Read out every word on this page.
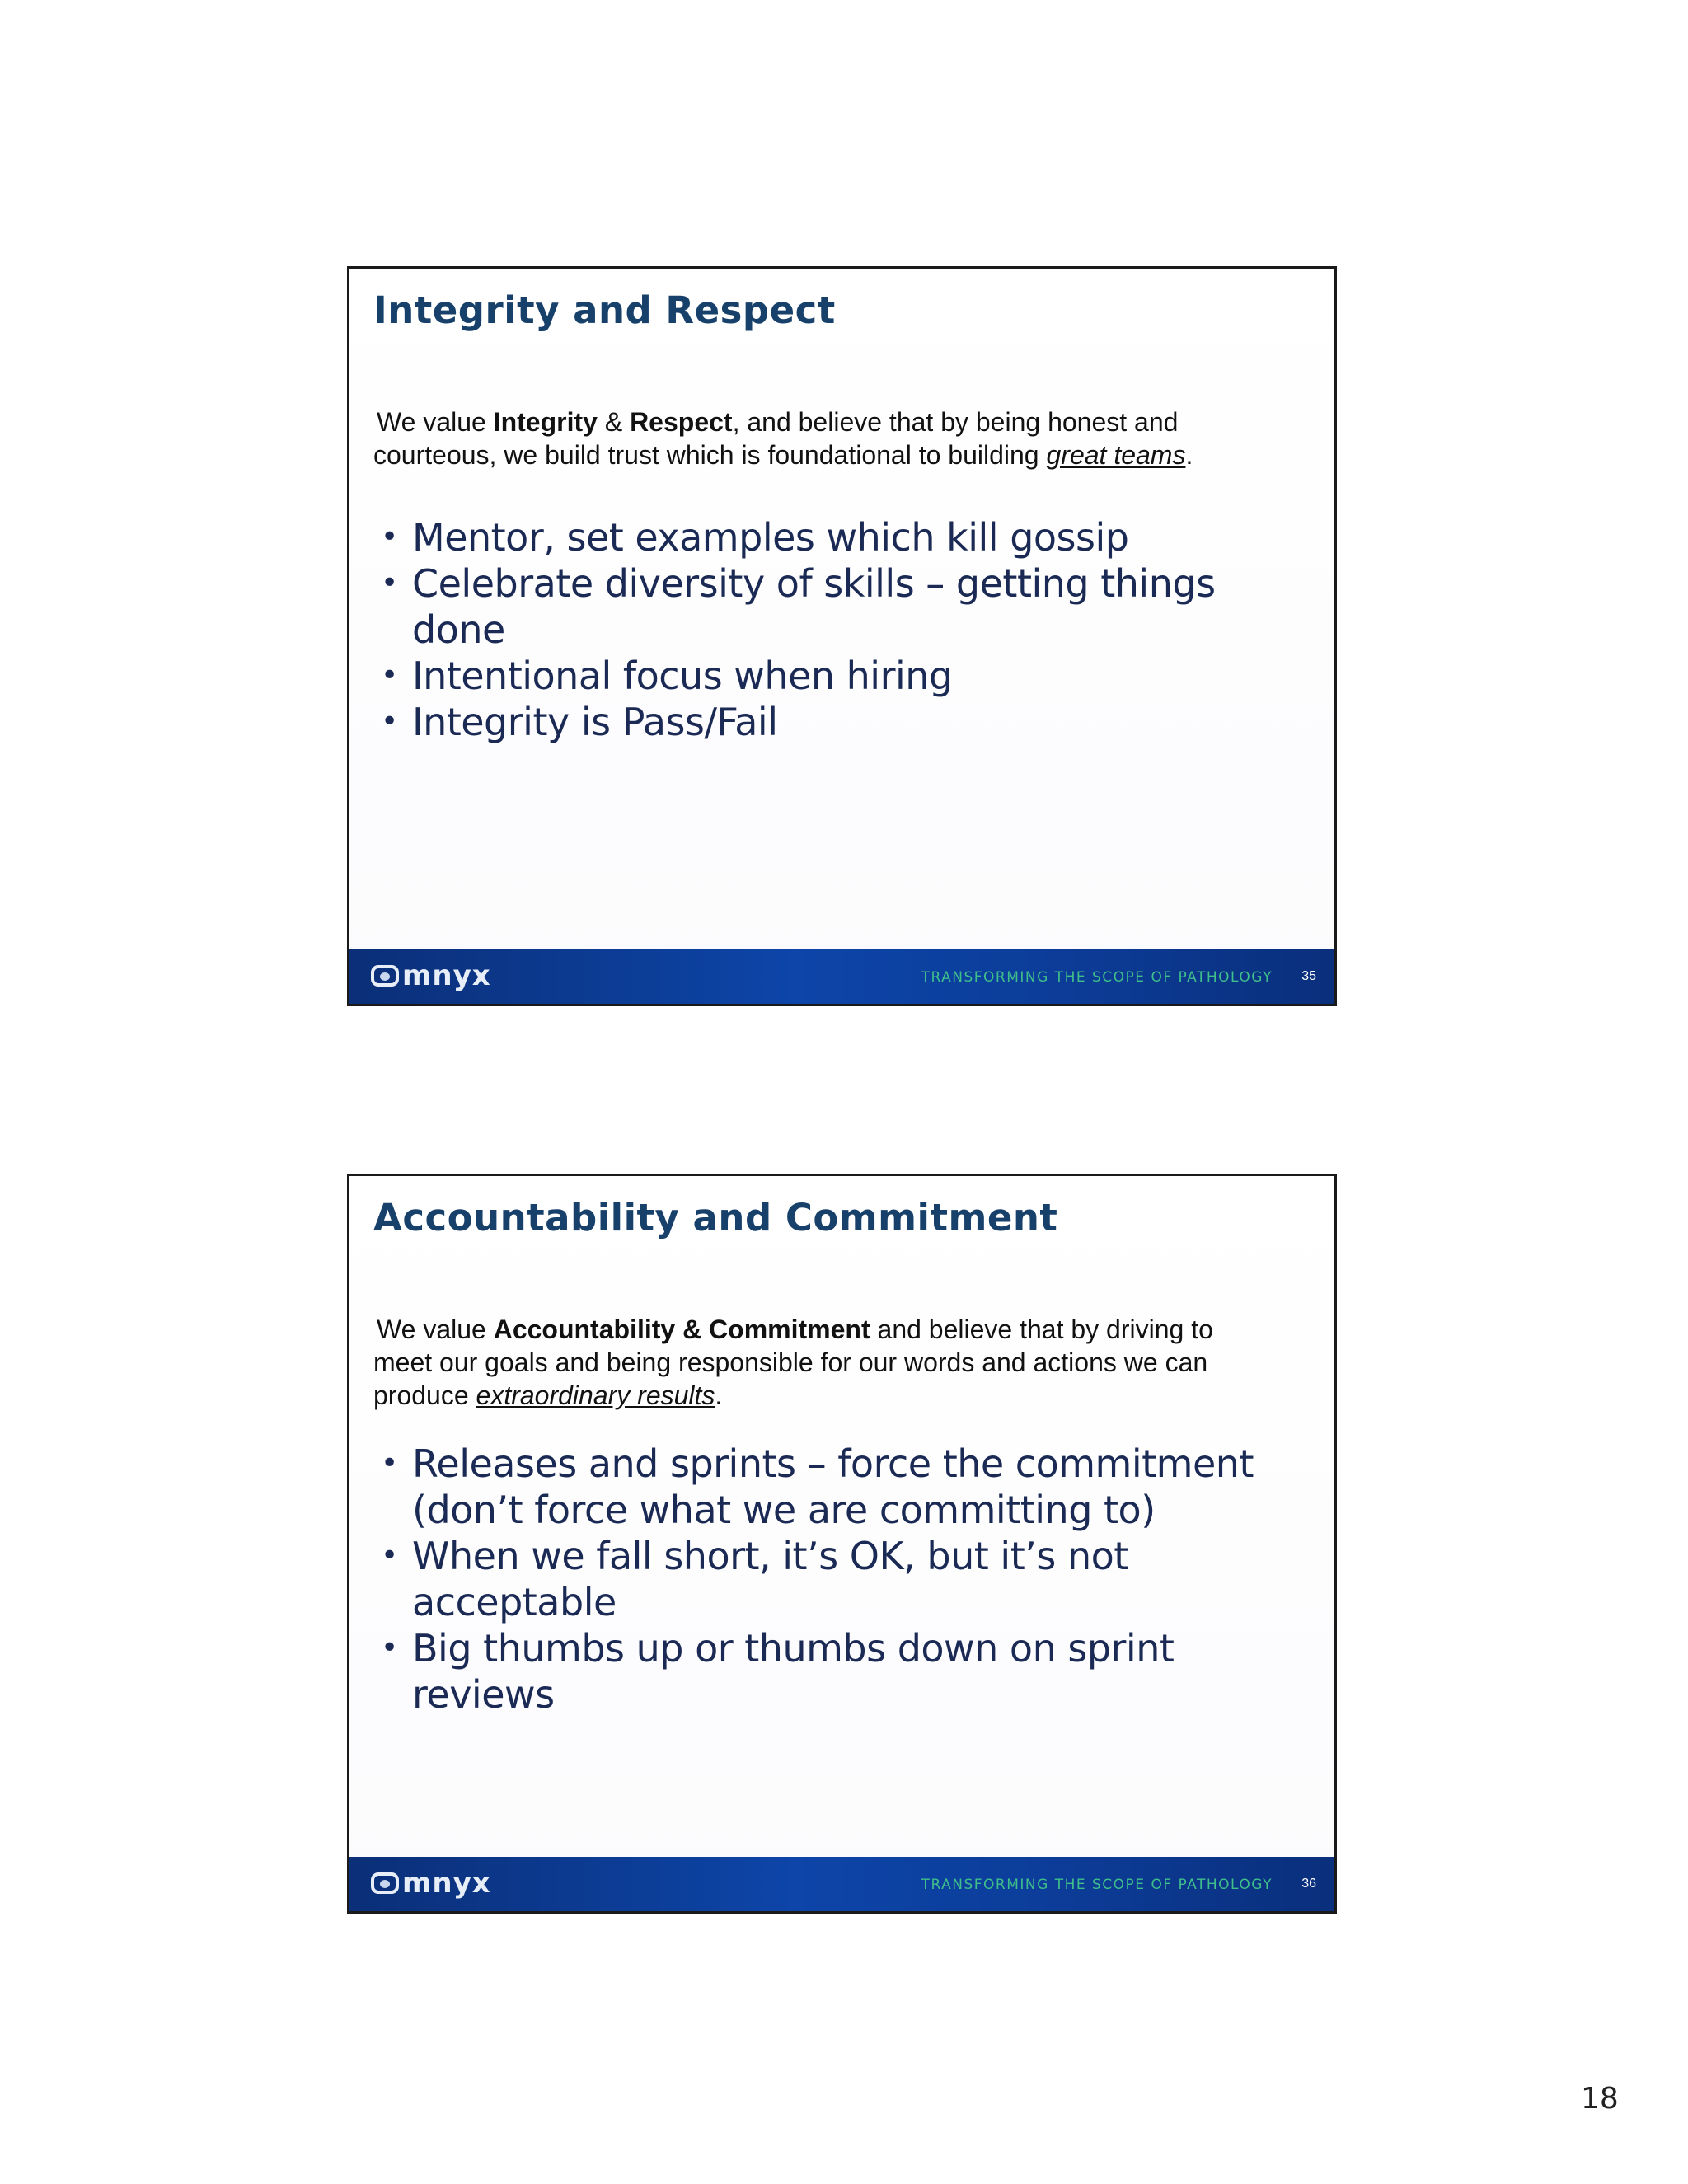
Integrity and Respect

We value Integrity & Respect, and believe that by being honest and
courteous, we build trust which is foundational to building great teams.

• Mentor, set examples which kill gossip
• Celebrate diversity of skills – getting things done
• Intentional focus when hiring
• Integrity is Pass/Fail
mnyx	TRANSFORMING THE SCOPE OF PATHOLOGY 35
Accountability and Commitment

We value Accountability & Commitment and believe that by driving to
meet our goals and being responsible for our words and actions we can
produce extraordinary results.

• Releases and sprints – force the commitment (don’t force what we are committing to)
• When we fall short, it’s OK, but it’s not acceptable
• Big thumbs up or thumbs down on sprint reviews
mnyx	TRANSFORMING THE SCOPE OF PATHOLOGY 36
18
